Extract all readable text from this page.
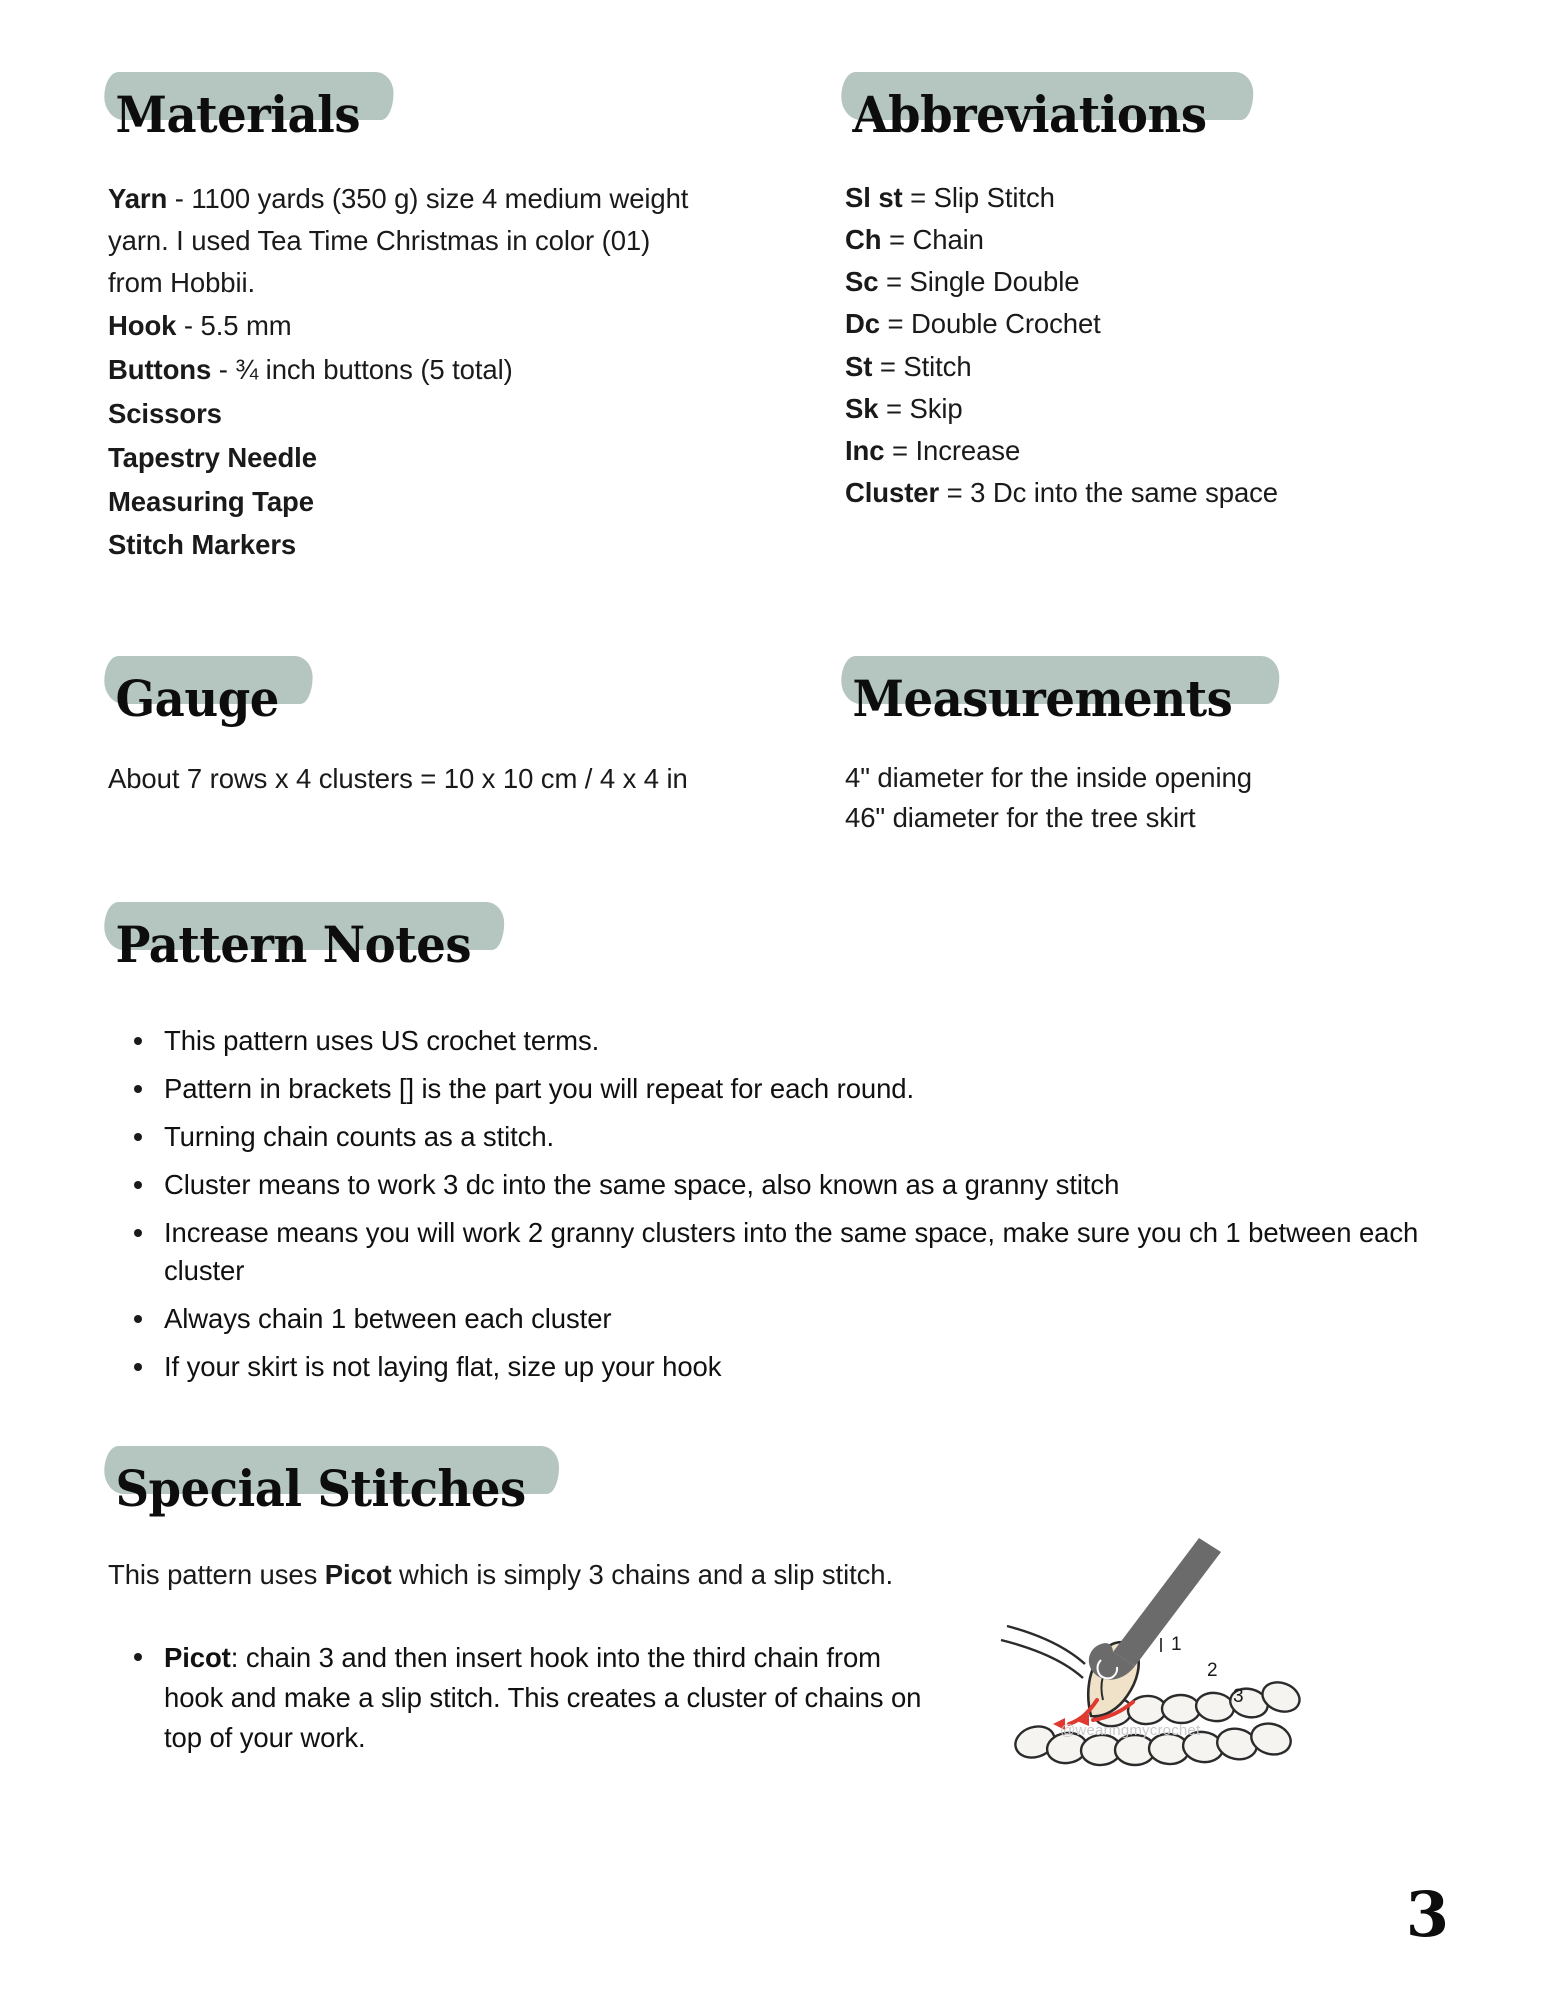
Materials
Yarn - 1100 yards (350 g) size 4 medium weight yarn. I used Tea Time Christmas in color (01) from Hobbii.
Hook - 5.5 mm
Buttons - ¾ inch buttons (5 total)
Scissors
Tapestry Needle
Measuring Tape
Stitch Markers
Abbreviations
Sl st = Slip Stitch
Ch = Chain
Sc = Single Double
Dc = Double Crochet
St = Stitch
Sk = Skip
Inc = Increase
Cluster = 3 Dc into the same space
Gauge
About 7 rows x 4 clusters = 10 x 10 cm / 4 x 4 in
Measurements
4" diameter for the inside opening
46" diameter for the tree skirt
Pattern Notes
This pattern uses US crochet terms.
Pattern in brackets [] is the part you will repeat for each round.
Turning chain counts as a stitch.
Cluster means to work 3 dc into the same space, also known as a granny stitch
Increase means you will work 2 granny clusters into the same space, make sure you ch 1 between each cluster
Always chain 1 between each cluster
If your skirt is not laying flat, size up your hook
Special Stitches
This pattern uses Picot which is simply 3 chains and a slip stitch.
Picot: chain 3 and then insert hook into the third chain from hook and make a slip stitch. This creates a cluster of chains on top of your work.
1
2
3
@wearingmycrochet
3
